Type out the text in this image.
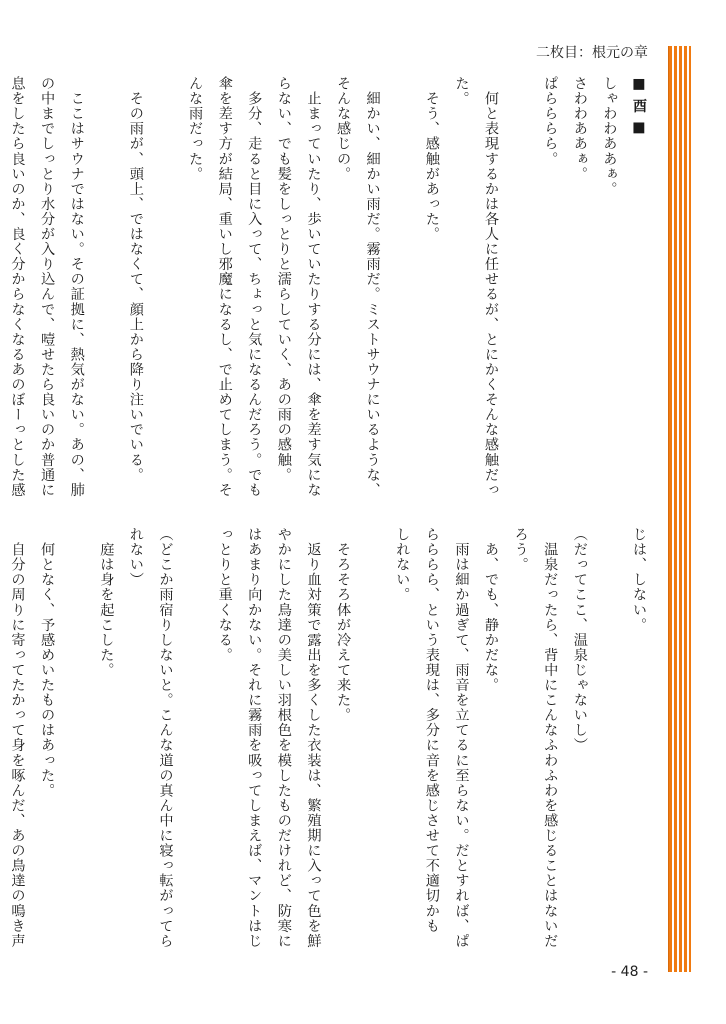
二枚目：根元の章
■ 酉 ■
しゃわわああぁ。
さわわああぁ。
ぱらららら。
　何と表現するかは各人に任せるが、とにかくそんな感触だっ
た。
　そう、感触があった。
　細かい、細かい雨だ。霧雨だ。ミストサウナにいるような、
そんな感じの。
　止まっていたり、歩いていたりする分には、傘を差す気にな
らない、でも髪をしっとりと濡らしていく、あの雨の感触。
　多分、走ると目に入って、ちょっと気になるんだろう。でも
傘を差す方が結局、重いし邪魔になるし、で止めてしまう。そ
んな雨だった。
　その雨が、頭上、ではなくて、顔上から降り注いでいる。
　ここはサウナではない。その証拠に、熱気がない。あの、肺
の中までしっとり水分が入り込んで、噎せたら良いのか普通に
息をしたら良いのか、良く分からなくなるあのぼーっとした感
じは、しない。
（だってここ、温泉じゃないし）
　温泉だったら、背中にこんなふわふわを感じることはないだ
ろう。
　あ、でも、静かだな。
　雨は細か過ぎて、雨音を立てるに至らない。だとすれば、ぱ
らららら、という表現は、多分に音を感じさせて不適切かも
しれない。
　そろそろ体が冷えて来た。
　返り血対策で露出を多くした衣装は、繁殖期に入って色を鮮
やかにした鳥達の美しい羽根色を模したものだけれど、防寒に
はあまり向かない。それに霧雨を吸ってしまえば、マントはじ
っとりと重くなる。
（どこか雨宿りしないと。こんな道の真ん中に寝っ転がってら
れない）
　庭は身を起こした。
　何となく、予感めいたものはあった。
　自分の周りに寄ってたかって身を啄んだ、あの鳥達の鳴き声
- 48 -
